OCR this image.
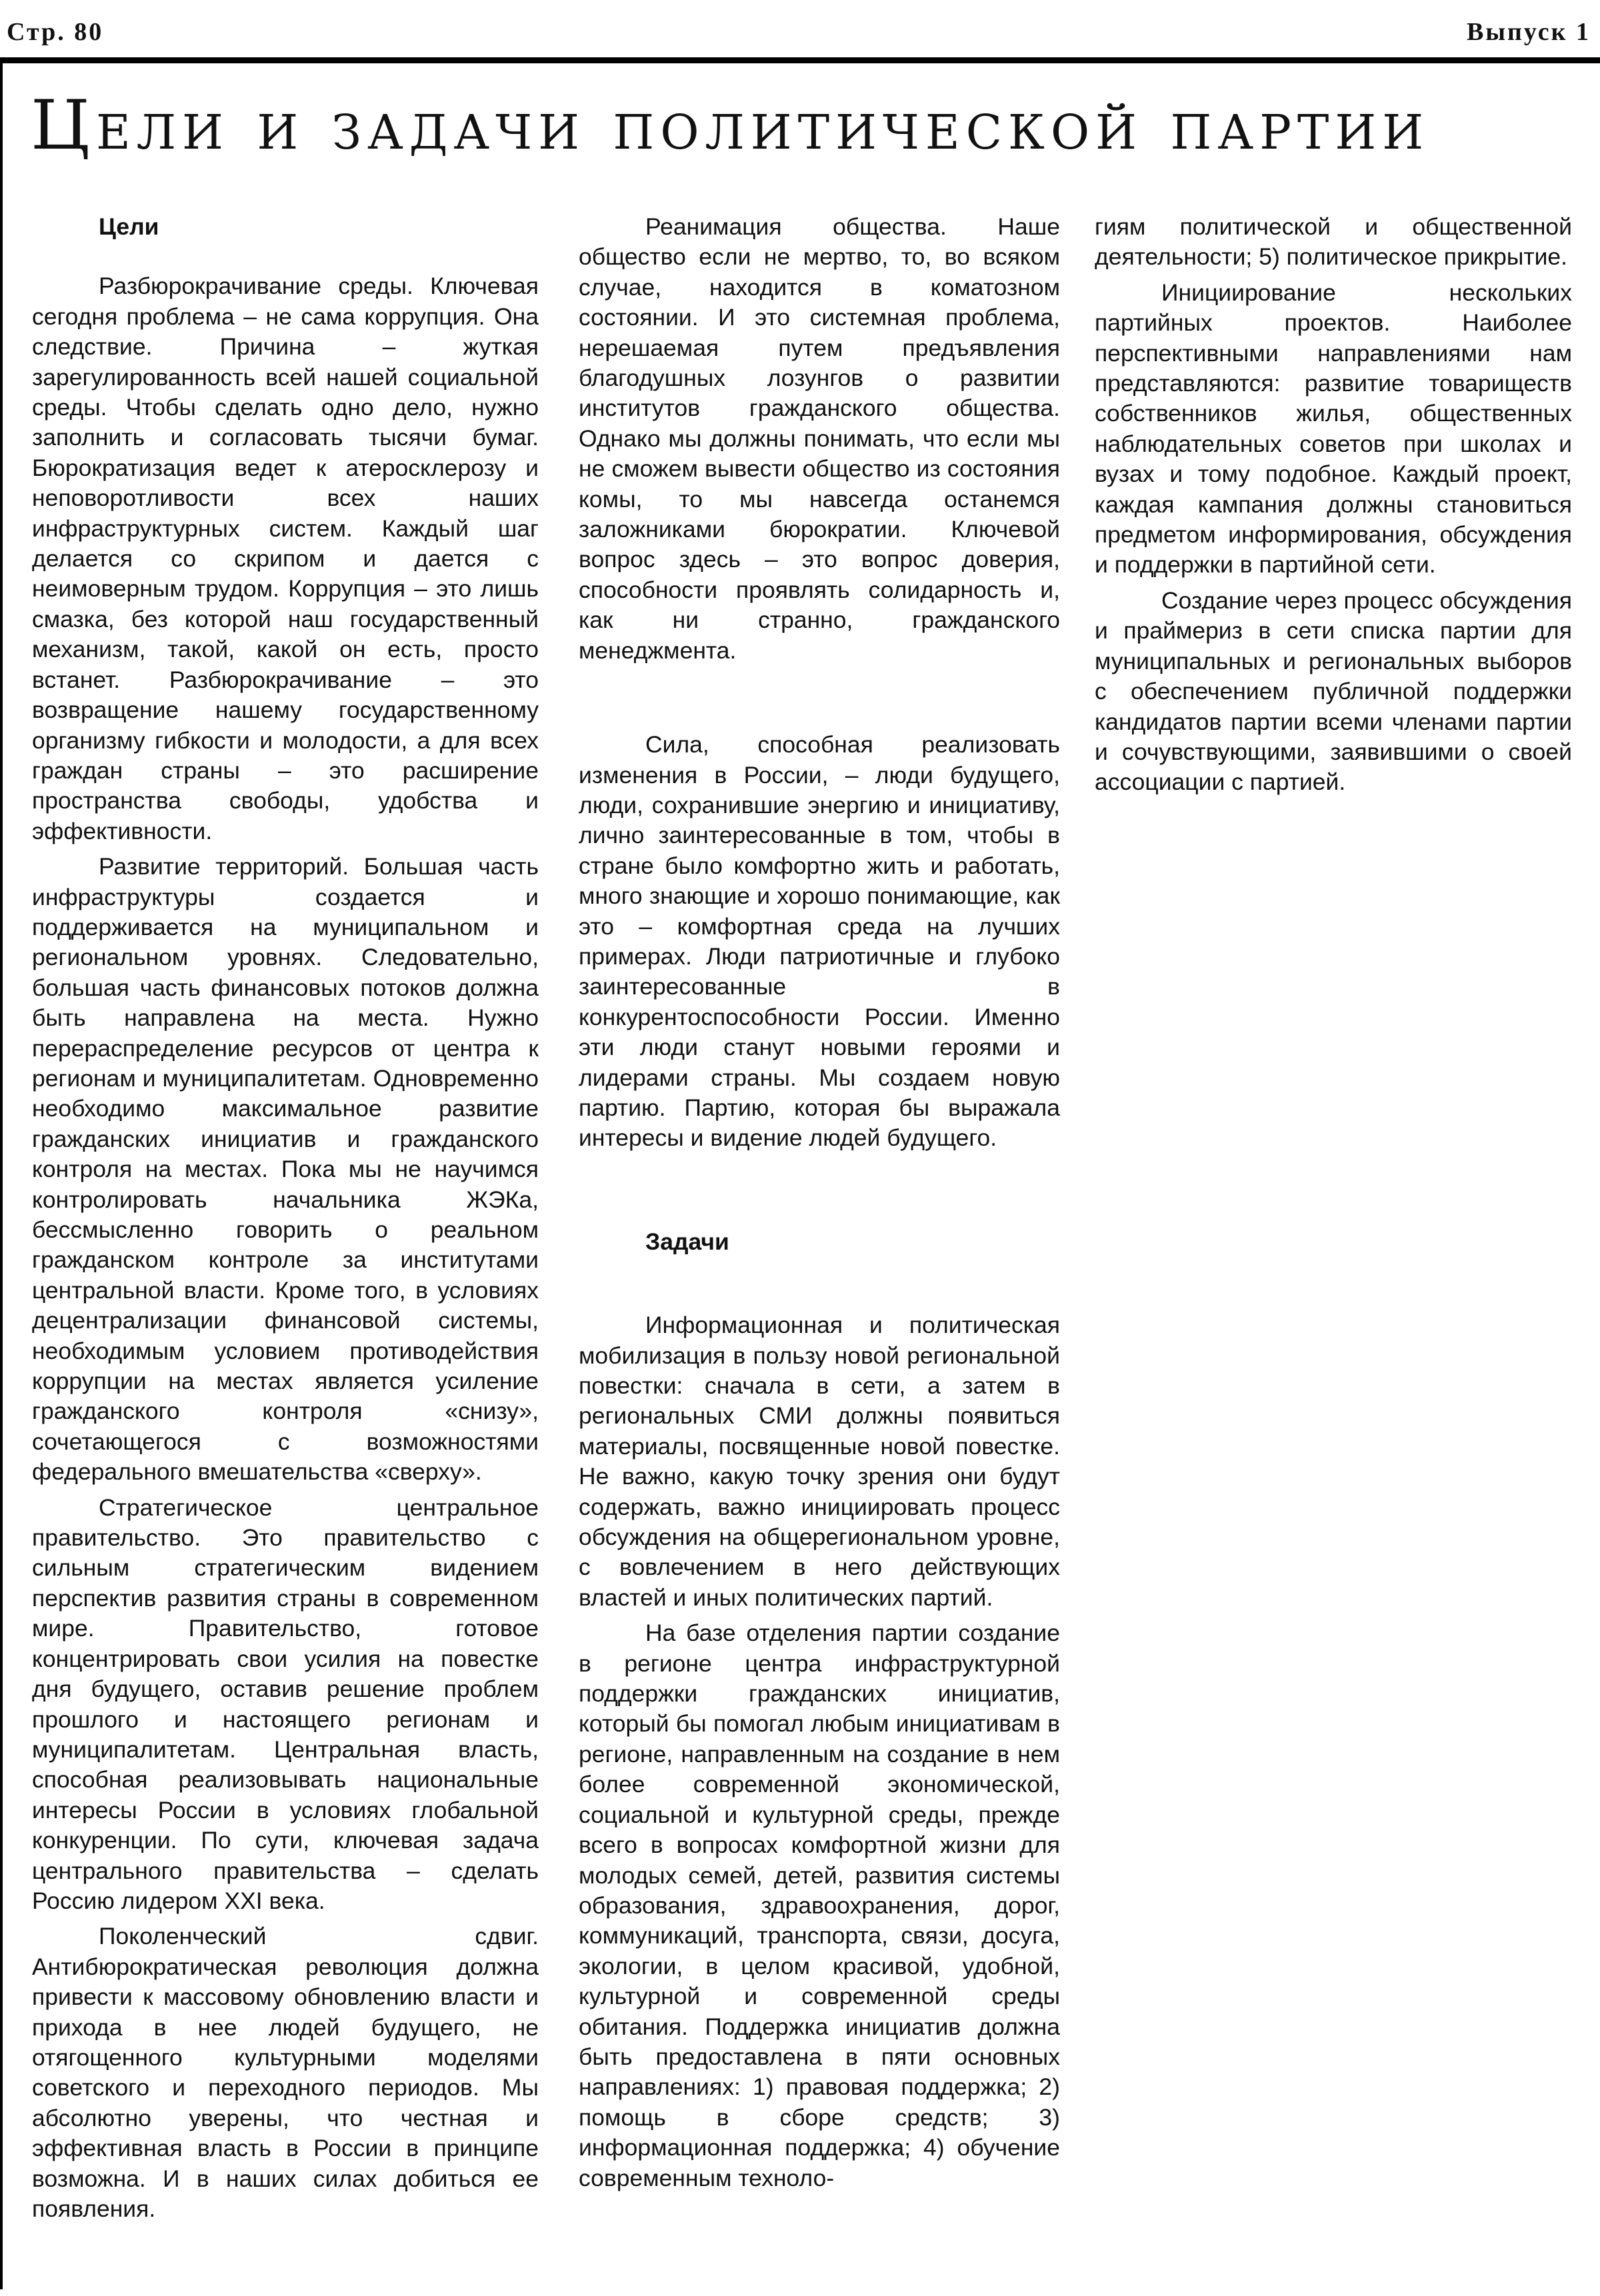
Стр. 80	Выпуск 1
Цели и задачи политической партии
Цели

Разбюрокрачивание среды. Ключевая сегодня проблема – не сама коррупция. Она следствие. Причина – жуткая зарегулированность всей нашей социальной среды. Чтобы сделать одно дело, нужно заполнить и согласовать тысячи бумаг. Бюрократизация ведет к атеросклерозу и неповоротливости всех наших инфраструктурных систем. Каждый шаг делается со скрипом и дается с неимоверным трудом. Коррупция – это лишь смазка, без которой наш государственный механизм, такой, какой он есть, просто встанет. Разбюрокрачивание – это возвращение нашему государственному организму гибкости и молодости, а для всех граждан страны – это расширение пространства свободы, удобства и эффективности.

Развитие территорий. Большая часть инфраструктуры создается и поддерживается на муниципальном и региональном уровнях. Следовательно, большая часть финансовых потоков должна быть направлена на места. Нужно перераспределение ресурсов от центра к регионам и муниципалитетам. Одновременно необходимо максимальное развитие гражданских инициатив и гражданского контроля на местах. Пока мы не научимся контролировать начальника ЖЭКа, бессмысленно говорить о реальном гражданском контроле за институтами центральной власти. Кроме того, в условиях децентрализации финансовой системы, необходимым условием противодействия коррупции на местах является усиление гражданского контроля «снизу», сочетающегося с возможностями федерального вмешательства «сверху».

Стратегическое центральное правительство. Это правительство с сильным стратегическим видением перспектив развития страны в современном мире. Правительство, готовое концентрировать свои усилия на повестке дня будущего, оставив решение проблем прошлого и настоящего регионам и муниципалитетам. Центральная власть, способная реализовывать национальные интересы России в условиях глобальной конкуренции. По сути, ключевая задача центрального правительства – сделать Россию лидером XXI века.

Поколенческий сдвиг. Антибюрократическая революция должна привести к массовому обновлению власти и прихода в нее людей будущего, не отягощенного культурными моделями советского и переходного периодов. Мы абсолютно уверены, что честная и эффективная власть в России в принципе возможна. И в наших силах добиться ее появления.

Реанимация общества. Наше общество если не мертво, то, во всяком случае, находится в коматозном состоянии. И это системная проблема, нерешаемая путем предъявления благодушных лозунгов о развитии институтов гражданского общества. Однако мы должны понимать, что если мы не сможем вывести общество из состояния комы, то мы навсегда останемся заложниками бюрократии. Ключевой вопрос здесь – это вопрос доверия, способности проявлять солидарность и, как ни странно, гражданского менеджмента.

Сила, способная реализовать изменения в России, – люди будущего, люди, сохранившие энергию и инициативу, лично заинтересованные в том, чтобы в стране было комфортно жить и работать, много знающие и хорошо понимающие, как это – комфортная среда на лучших примерах. Люди патриотичные и глубоко заинтересованные в конкурентоспособности России. Именно эти люди станут новыми героями и лидерами страны. Мы создаем новую партию. Партию, которая бы выражала интересы и видение людей будущего.

Задачи

Информационная и политическая мобилизация в пользу новой региональной повестки: сначала в сети, а затем в региональных СМИ должны появиться материалы, посвященные новой повестке. Не важно, какую точку зрения они будут содержать, важно инициировать процесс обсуждения на общерегиональном уровне, с вовлечением в него действующих властей и иных политических партий.

На базе отделения партии создание в регионе центра инфраструктурной поддержки гражданских инициатив, который бы помогал любым инициативам в регионе, направленным на создание в нем более современной экономической, социальной и культурной среды, прежде всего в вопросах комфортной жизни для молодых семей, детей, развития системы образования, здравоохранения, дорог, коммуникаций, транспорта, связи, досуга, экологии, в целом красивой, удобной, культурной и современной среды обитания. Поддержка инициатив должна быть предоставлена в пяти основных направлениях: 1) правовая поддержка; 2) помощь в сборе средств; 3) информационная поддержка; 4) обучение современным техноло-

гиям политической и общественной деятельности; 5) политическое прикрытие.

Инициирование нескольких партийных проектов. Наиболее перспективными направлениями нам представляются: развитие товариществ собственников жилья, общественных наблюдательных советов при школах и вузах и тому подобное. Каждый проект, каждая кампания должны становиться предметом информирования, обсуждения и поддержки в партийной сети.

Создание через процесс обсуждения и праймериз в сети списка партии для муниципальных и региональных выборов с обеспечением публичной поддержки кандидатов партии всеми членами партии и сочувствующими, заявившими о своей ассоциации с партией.
